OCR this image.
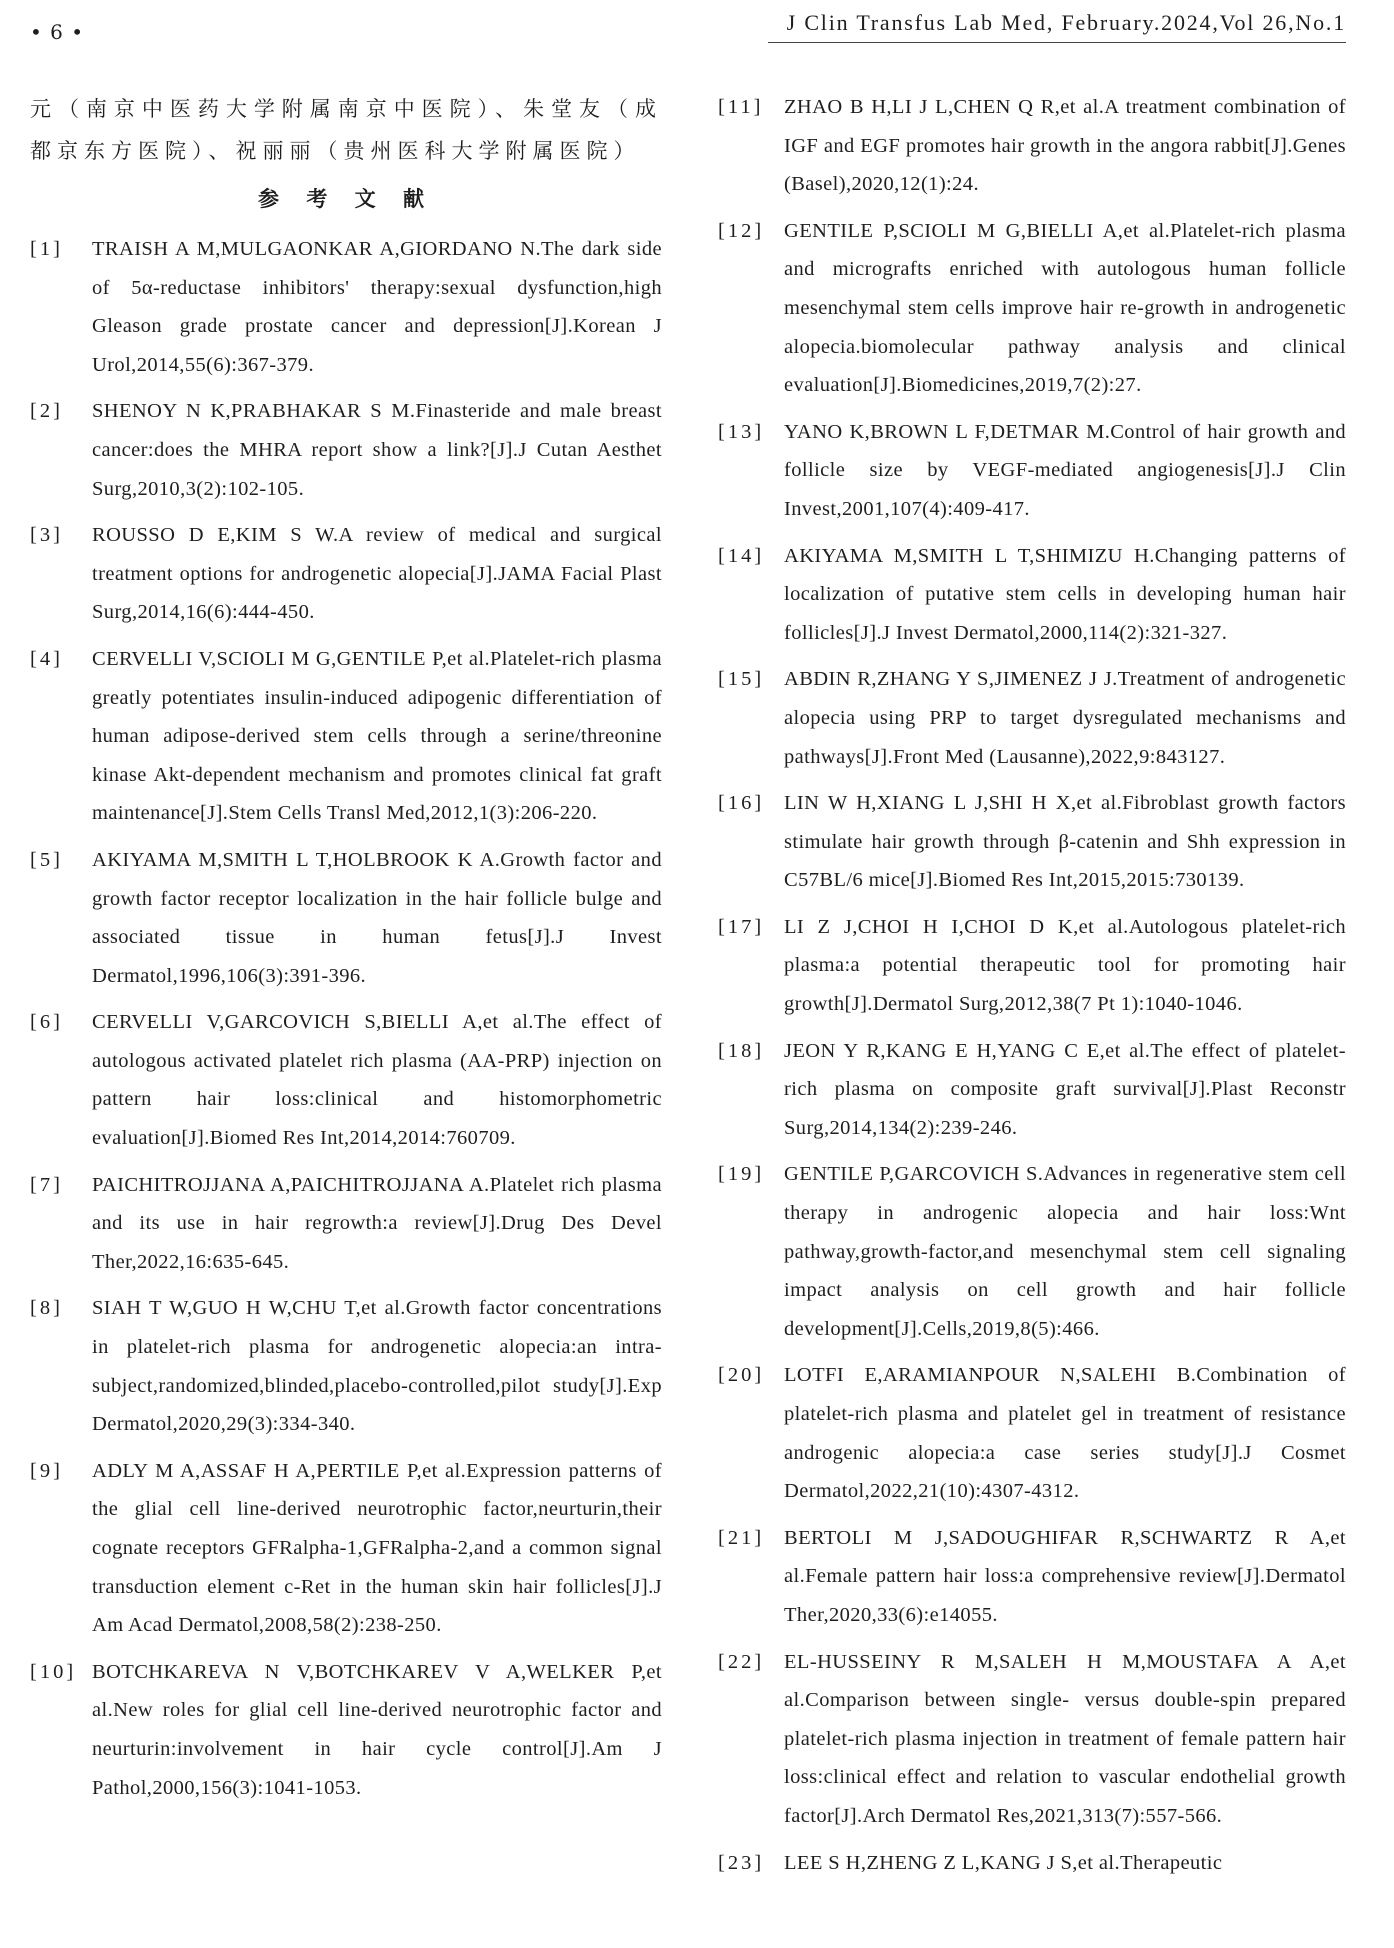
• 6 •	J Clin Transfus Lab Med, February.2024,Vol 26,No.1

元（南京中医药大学附属南京中医院）、朱堂友（成都京东方医院）、祝丽丽（贵州医科大学附属医院）

参 考 文 献

[1] TRAISH A M,MULGAONKAR A,GIORDANO N.The dark side of 5α-reductase inhibitors' therapy:sexual dysfunction,high Gleason grade prostate cancer and depression[J].Korean J Urol,2014,55(6):367-379.

[2] SHENOY N K,PRABHAKAR S M.Finasteride and male breast cancer:does the MHRA report show a link?[J].J Cutan Aesthet Surg,2010,3(2):102-105.

[3] ROUSSO D E,KIM S W.A review of medical and surgical treatment options for androgenetic alopecia[J].JAMA Facial Plast Surg,2014,16(6):444-450.

[4] CERVELLI V,SCIOLI M G,GENTILE P,et al.Platelet-rich plasma greatly potentiates insulin-induced adipogenic differentiation of human adipose-derived stem cells through a serine/threonine kinase Akt-dependent mechanism and promotes clinical fat graft maintenance[J].Stem Cells Transl Med,2012,1(3):206-220.

[5] AKIYAMA M,SMITH L T,HOLBROOK K A.Growth factor and growth factor receptor localization in the hair follicle bulge and associated tissue in human fetus[J].J Invest Dermatol,1996,106(3):391-396.

[6] CERVELLI V,GARCOVICH S,BIELLI A,et al.The effect of autologous activated platelet rich plasma (AA-PRP) injection on pattern hair loss:clinical and histomorphometric evaluation[J].Biomed Res Int,2014,2014:760709.

[7] PAICHITROJJANA A,PAICHITROJJANA A.Platelet rich plasma and its use in hair regrowth:a review[J].Drug Des Devel Ther,2022,16:635-645.

[8] SIAH T W,GUO H W,CHU T,et al.Growth factor concentrations in platelet-rich plasma for androgenetic alopecia:an intra-subject,randomized,blinded,placebo-controlled,pilot study[J].Exp Dermatol,2020,29(3):334-340.

[9] ADLY M A,ASSAF H A,PERTILE P,et al.Expression patterns of the glial cell line-derived neurotrophic factor,neurturin,their cognate receptors GFRalpha-1,GFRalpha-2,and a common signal transduction element c-Ret in the human skin hair follicles[J].J Am Acad Dermatol,2008,58(2):238-250.

[10] BOTCHKAREVA N V,BOTCHKAREV V A,WELKER P,et al.New roles for glial cell line-derived neurotrophic factor and neurturin:involvement in hair cycle control[J].Am J Pathol,2000,156(3):1041-1053.

[11] ZHAO B H,LI J L,CHEN Q R,et al.A treatment combination of IGF and EGF promotes hair growth in the angora rabbit[J].Genes (Basel),2020,12(1):24.

[12] GENTILE P,SCIOLI M G,BIELLI A,et al.Platelet-rich plasma and micrografts enriched with autologous human follicle mesenchymal stem cells improve hair re-growth in androgenetic alopecia.biomolecular pathway analysis and clinical evaluation[J].Biomedicines,2019,7(2):27.

[13] YANO K,BROWN L F,DETMAR M.Control of hair growth and follicle size by VEGF-mediated angiogenesis[J].J Clin Invest,2001,107(4):409-417.

[14] AKIYAMA M,SMITH L T,SHIMIZU H.Changing patterns of localization of putative stem cells in developing human hair follicles[J].J Invest Dermatol,2000,114(2):321-327.

[15] ABDIN R,ZHANG Y S,JIMENEZ J J.Treatment of androgenetic alopecia using PRP to target dysregulated mechanisms and pathways[J].Front Med (Lausanne),2022,9:843127.

[16] LIN W H,XIANG L J,SHI H X,et al.Fibroblast growth factors stimulate hair growth through β-catenin and Shh expression in C57BL/6 mice[J].Biomed Res Int,2015,2015:730139.

[17] LI Z J,CHOI H I,CHOI D K,et al.Autologous platelet-rich plasma:a potential therapeutic tool for promoting hair growth[J].Dermatol Surg,2012,38(7 Pt 1):1040-1046.

[18] JEON Y R,KANG E H,YANG C E,et al.The effect of platelet-rich plasma on composite graft survival[J].Plast Reconstr Surg,2014,134(2):239-246.

[19] GENTILE P,GARCOVICH S.Advances in regenerative stem cell therapy in androgenic alopecia and hair loss:Wnt pathway,growth-factor,and mesenchymal stem cell signaling impact analysis on cell growth and hair follicle development[J].Cells,2019,8(5):466.

[20] LOTFI E,ARAMIANPOUR N,SALEHI B.Combination of platelet-rich plasma and platelet gel in treatment of resistance androgenic alopecia:a case series study[J].J Cosmet Dermatol,2022,21(10):4307-4312.

[21] BERTOLI M J,SADOUGHIFAR R,SCHWARTZ R A,et al.Female pattern hair loss:a comprehensive review[J].Dermatol Ther,2020,33(6):e14055.

[22] EL-HUSSEINY R M,SALEH H M,MOUSTAFA A A,et al.Comparison between single- versus double-spin prepared platelet-rich plasma injection in treatment of female pattern hair loss:clinical effect and relation to vascular endothelial growth factor[J].Arch Dermatol Res,2021,313(7):557-566.

[23] LEE S H,ZHENG Z L,KANG J S,et al.Therapeutic
